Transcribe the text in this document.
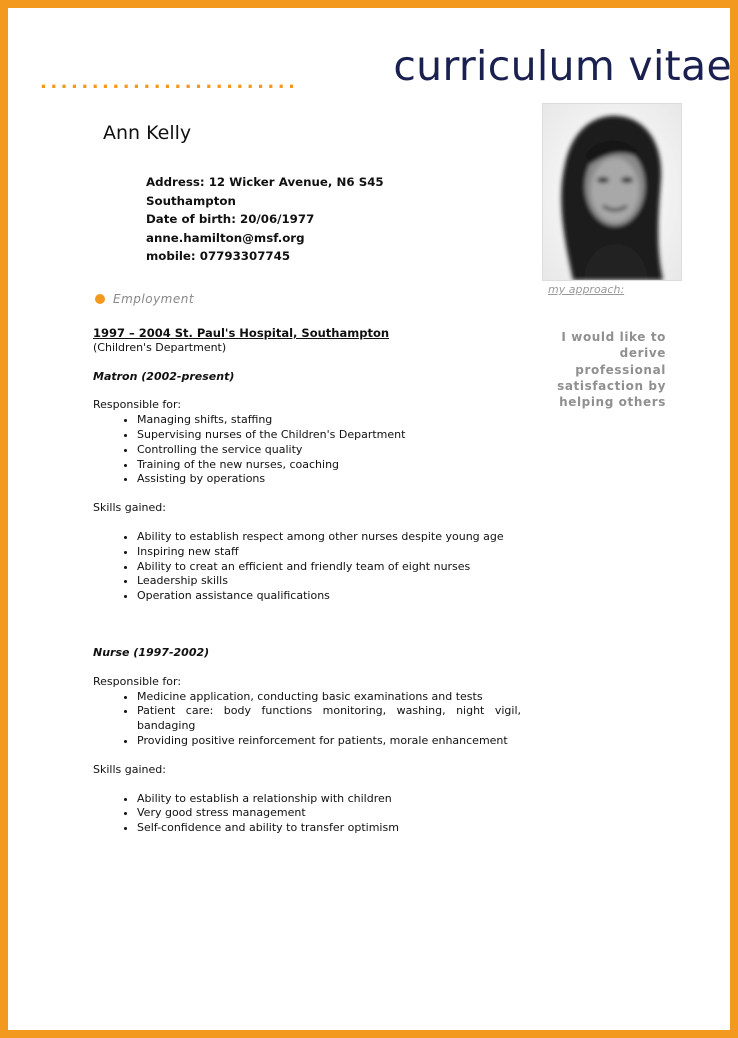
......................... curriculum vitae
Ann Kelly
Address: 12 Wicker Avenue, N6 S45
Southampton
Date of birth: 20/06/1977
anne.hamilton@msf.org
mobile: 07793307745
my approach:
I would like to derive professional satisfaction by helping others
Employment
1997 – 2004 St. Paul's Hospital, Southampton
(Children's Department)
Matron (2002-present)
Responsible for:
• Managing shifts, staffing
• Supervising nurses of the Children's Department
• Controlling the service quality
• Training of the new nurses, coaching
• Assisting by operations
Skills gained:
• Ability to establish respect among other nurses despite young age
• Inspiring new staff
• Ability to creat an efficient and friendly team of eight nurses
• Leadership skills
• Operation assistance qualifications
Nurse (1997-2002)
Responsible for:
• Medicine application, conducting basic examinations and tests
• Patient care: body functions monitoring, washing, night vigil, bandaging
• Providing positive reinforcement for patients, morale enhancement
Skills gained:
• Ability to establish a relationship with children
• Very good stress management
• Self-confidence and ability to transfer optimism
